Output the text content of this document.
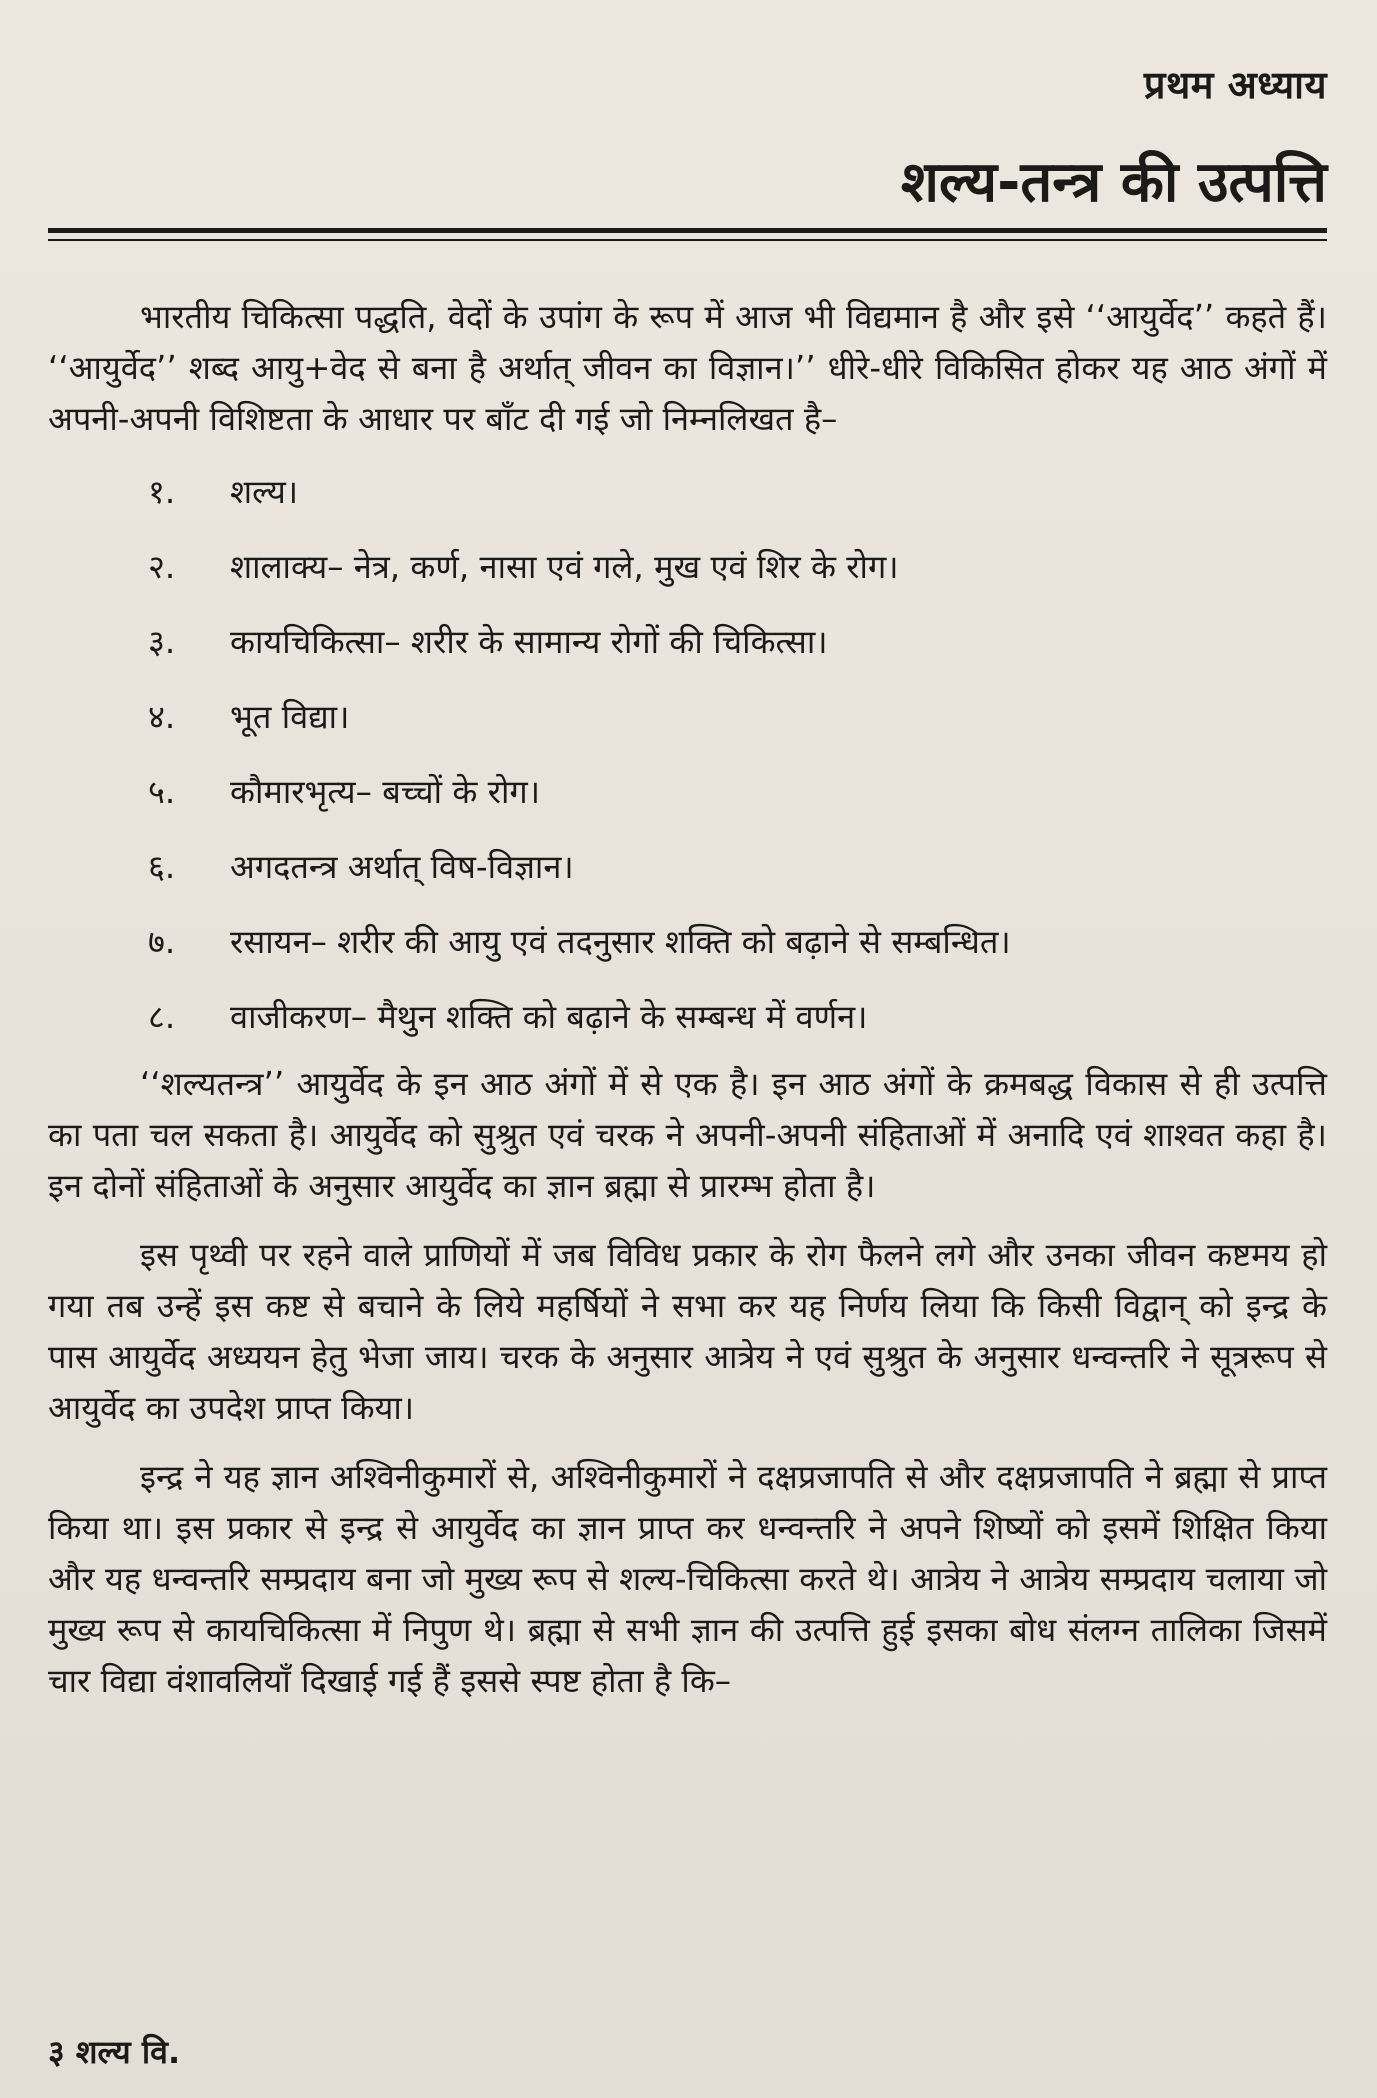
प्रथम अध्याय
शल्य-तन्त्र की उत्पत्ति

भारतीय चिकित्सा पद्धति, वेदों के उपांग के रूप में आज भी विद्यमान है और इसे ‘‘आयुर्वेद’’ कहते हैं। ‘‘आयुर्वेद’’ शब्द आयु+वेद से बना है अर्थात् जीवन का विज्ञान।’’ धीरे-धीरे विकिसित होकर यह आठ अंगों में अपनी-अपनी विशिष्टता के आधार पर बाँट दी गई जो निम्नलिखत है–

१.	शल्य।
२.	शालाक्य– नेत्र, कर्ण, नासा एवं गले, मुख एवं शिर के रोग।
३.	कायचिकित्सा– शरीर के सामान्य रोगों की चिकित्सा।
४.	भूत विद्या।
५.	कौमारभृत्य– बच्चों के रोग।
६.	अगदतन्त्र अर्थात् विष-विज्ञान।
७.	रसायन– शरीर की आयु एवं तदनुसार शक्ति को बढ़ाने से सम्बन्धित।
८.	वाजीकरण– मैथुन शक्ति को बढ़ाने के सम्बन्ध में वर्णन।

‘‘शल्यतन्त्र’’ आयुर्वेद के इन आठ अंगों में से एक है। इन आठ अंगों के क्रमबद्ध विकास से ही उत्पत्ति का पता चल सकता है। आयुर्वेद को सुश्रुत एवं चरक ने अपनी-अपनी संहिताओं में अनादि एवं शाश्वत कहा है। इन दोनों संहिताओं के अनुसार आयुर्वेद का ज्ञान ब्रह्मा से प्रारम्भ होता है।

इस पृथ्वी पर रहने वाले प्राणियों में जब विविध प्रकार के रोग फैलने लगे और उनका जीवन कष्टमय हो गया तब उन्हें इस कष्ट से बचाने के लिये महर्षियों ने सभा कर यह निर्णय लिया कि किसी विद्वान् को इन्द्र के पास आयुर्वेद अध्ययन हेतु भेजा जाय। चरक के अनुसार आत्रेय ने एवं सुश्रुत के अनुसार धन्वन्तरि ने सूत्ररूप से आयुर्वेद का उपदेश प्राप्त किया।

इन्द्र ने यह ज्ञान अश्विनीकुमारों से, अश्विनीकुमारों ने दक्षप्रजापति से और दक्षप्रजापति ने ब्रह्मा से प्राप्त किया था। इस प्रकार से इन्द्र से आयुर्वेद का ज्ञान प्राप्त कर धन्वन्तरि ने अपने शिष्यों को इसमें शिक्षित किया और यह धन्वन्तरि सम्प्रदाय बना जो मुख्य रूप से शल्य-चिकित्सा करते थे। आत्रेय ने आत्रेय सम्प्रदाय चलाया जो मुख्य रूप से कायचिकित्सा में निपुण थे। ब्रह्मा से सभी ज्ञान की उत्पत्ति हुई इसका बोध संलग्न तालिका जिसमें चार विद्या वंशावलियाँ दिखाई गई हैं इससे स्पष्ट होता है कि–

३ शल्य वि.
